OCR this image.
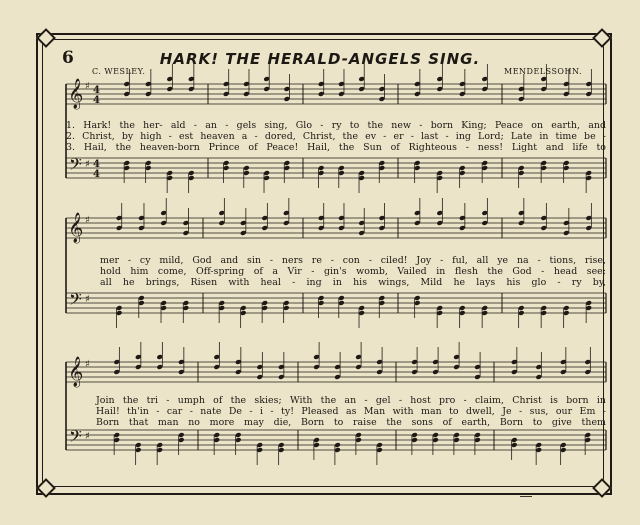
6	HARK! THE HERALD-ANGELS SING.
C. WESLEY.	MENDELSSOHN.
𝄞 ♯ 4
4
𝄢 ♯ 4
4
𝄞 ♯
𝄢 ♯
𝄞 ♯
𝄢 ♯
1. Hark! the her- ald - an - gels sing, Glo - ry to the new - born King; Peace on earth, and
2. Christ, by high - est heaven a - dored, Christ, the ev - er - last - ing Lord; Late in time be -
3. Hail, the heaven-born Prince of Peace! Hail, the Sun of Righteous - ness! Light and life to
mer - cy mild, God and sin - ners re - con - ciled! Joy - ful, all ye na - tions, rise,
hold him come, Off-spring of a Vir - gin's womb, Vailed in flesh the God - head see;
all he brings, Risen with heal - ing in his wings, Mild he lays his glo - ry by,
Join the tri - umph of the skies; With the an - gel - host pro - claim, Christ is born in
Hail! th'in - car - nate De - i - ty! Pleased as Man with man to dwell, Je - sus, our Em -
Born that man no more may die, Born to raise the sons of earth, Born to give them
